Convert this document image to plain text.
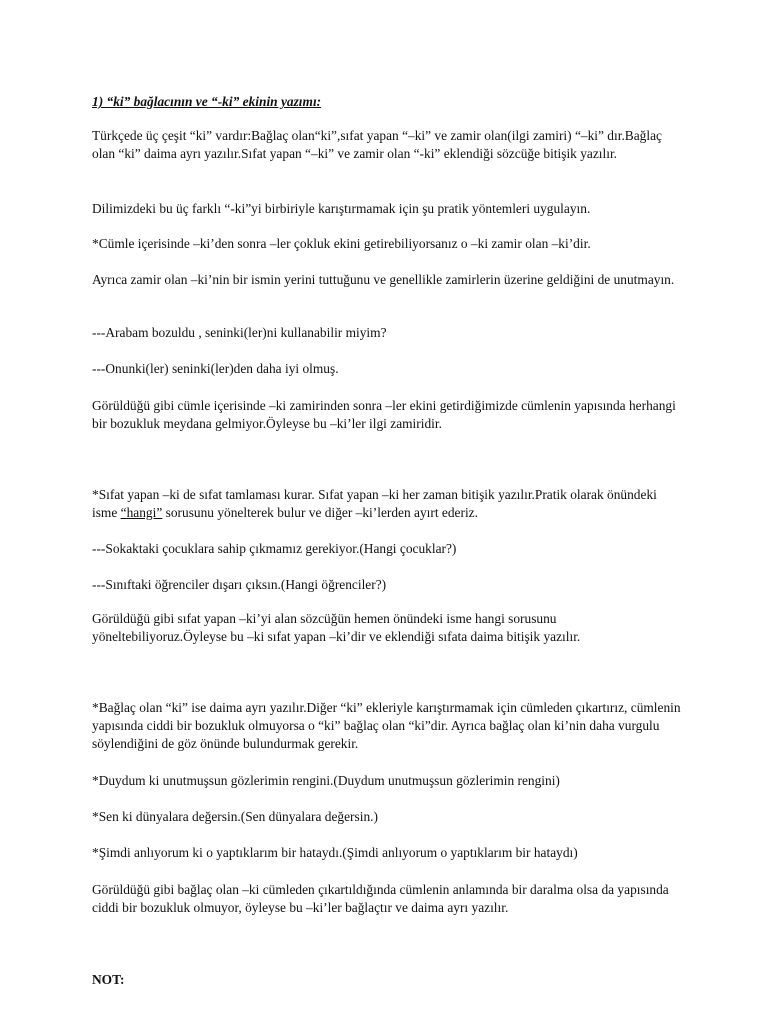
1) “ki” bağlacının ve “-ki” ekinin yazımı:

Türkçede üç çeşit “ki” vardır:Bağlaç olan“ki”,sıfat yapan “–ki” ve zamir olan(ilgi zamiri) “–ki” dır.Bağlaç olan “ki” daima ayrı yazılır.Sıfat yapan “–ki” ve zamir olan “-ki” eklendiği sözcüğe bitişik yazılır.

Dilimizdeki bu üç farklı “-ki”yi birbiriyle karıştırmamak için şu pratik yöntemleri uygulayın.

*Cümle içerisinde –ki’den sonra –ler çokluk ekini getirebiliyorsanız o –ki zamir olan –ki’dir.

Ayrıca zamir olan –ki’nin bir ismin yerini tuttuğunu ve genellikle zamirlerin üzerine geldiğini de unutmayın.

---Arabam bozuldu , seninki(ler)ni kullanabilir miyim?

---Onunki(ler) seninki(ler)den daha iyi olmuş.

Görüldüğü gibi cümle içerisinde –ki zamirinden sonra –ler ekini getirdiğimizde cümlenin yapısında herhangi bir bozukluk meydana gelmiyor.Öyleyse bu –ki’ler ilgi zamiridir.

*Sıfat yapan –ki de sıfat tamlaması kurar. Sıfat yapan –ki her zaman bitişik yazılır.Pratik olarak önündeki isme “hangi” sorusunu yönelterek bulur ve diğer –ki’lerden ayırt ederiz.

---Sokaktaki çocuklara sahip çıkmamız gerekiyor.(Hangi çocuklar?)

---Sınıftaki öğrenciler dışarı çıksın.(Hangi öğrenciler?)

Görüldüğü gibi sıfat yapan –ki’yi alan sözcüğün hemen önündeki isme hangi sorusunu yöneltebiliyoruz.Öyleyse bu –ki sıfat yapan –ki’dir ve eklendiği sıfata daima bitişik yazılır.

*Bağlaç olan “ki” ise daima ayrı yazılır.Diğer “ki” ekleriyle karıştırmamak için cümleden çıkartırız, cümlenin yapısında ciddi bir bozukluk olmuyorsa o “ki” bağlaç olan “ki”dir. Ayrıca bağlaç olan ki’nin daha vurgulu söylendiğini de göz önünde bulundurmak gerekir.

*Duydum ki unutmuşsun gözlerimin rengini.(Duydum unutmuşsun gözlerimin rengini)

*Sen ki dünyalara değersin.(Sen dünyalara değersin.)

*Şimdi anlıyorum ki o yaptıklarım bir hataydı.(Şimdi anlıyorum o yaptıklarım bir hataydı)

Görüldüğü gibi bağlaç olan –ki cümleden çıkartıldığında cümlenin anlamında bir daralma olsa da yapısında ciddi bir bozukluk olmuyor, öyleyse bu –ki’ler bağlaçtır ve daima ayrı yazılır.

NOT:
